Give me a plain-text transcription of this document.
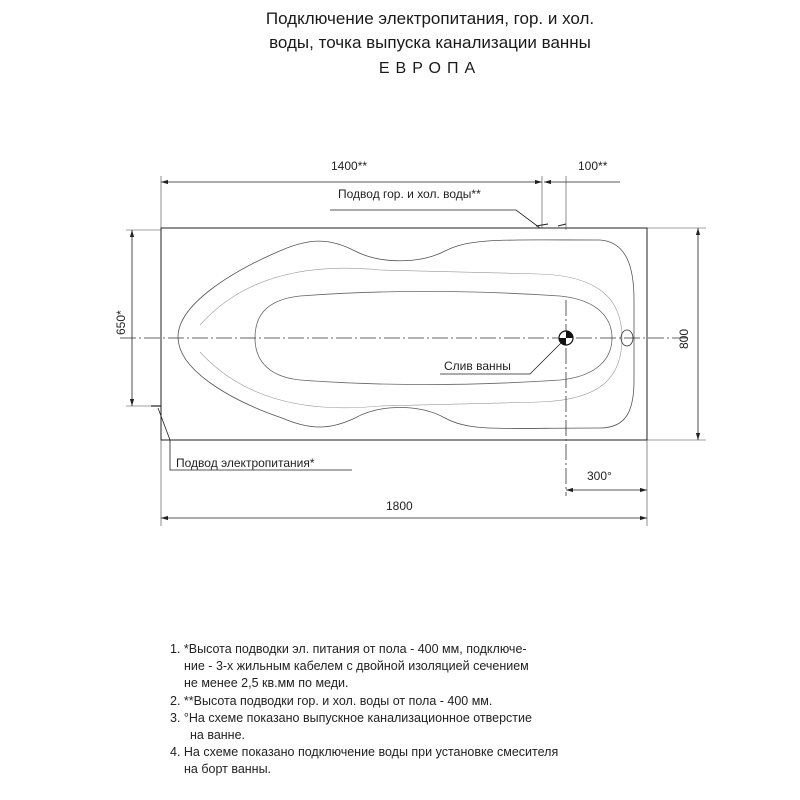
Подключение электропитания, гор. и хол.
воды, точка выпуска канализации ванны
ЕВРОПА
1400**	100**
Подвод гор. и хол. воды**
650*
800
Слив ванны
Подвод электропитания*
300°
1800
1. *Высота подводки эл. питания от пола - 400 мм, подключе-
ние - 3-х жильным кабелем с двойной изоляцией сечением
не менее 2,5 кв.мм по меди.
2. **Высота подводки гор. и хол. воды от пола - 400 мм.
3. °На схеме показано выпускное канализационное отверстие
на ванне.
4. На схеме показано подключение воды при установке смесителя
на борт ванны.
